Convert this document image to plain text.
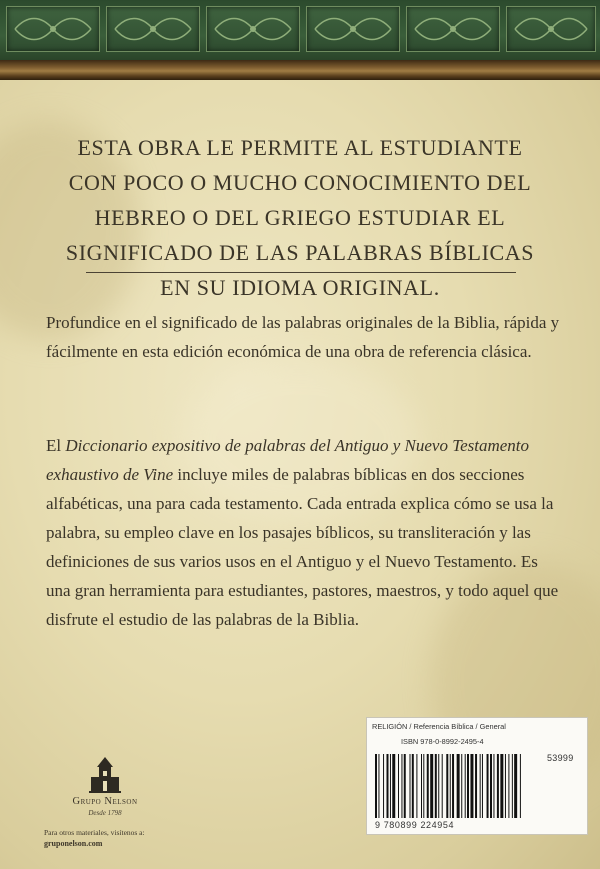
ESTA OBRA LE PERMITE AL ESTUDIANTE CON POCO O MUCHO CONOCIMIENTO DEL HEBREO O DEL GRIEGO ESTUDIAR EL SIGNIFICADO DE LAS PALABRAS BÍBLICAS EN SU IDIOMA ORIGINAL.

Profundice en el significado de las palabras originales de la Biblia, rápida y fácilmente en esta edición económica de una obra de referencia clásica.

El Diccionario expositivo de palabras del Antiguo y Nuevo Testamento exhaustivo de Vine incluye miles de palabras bíblicas en dos secciones alfabéticas, una para cada testamento. Cada entrada explica cómo se usa la palabra, su empleo clave en los pasajes bíblicos, su transliteración y las definiciones de sus varios usos en el Antiguo y el Nuevo Testamento. Es una gran herramienta para estudiantes, pastores, maestros, y todo aquel que disfrute el estudio de las palabras de la Biblia.

RELIGIÓN / Referencia Bíblica / General
ISBN 978-0-8992-2495-4
53999
9 780899 224954
Grupo Nelson
Desde 1798
Para otros materiales, visítenos a:
gruponelson.com
